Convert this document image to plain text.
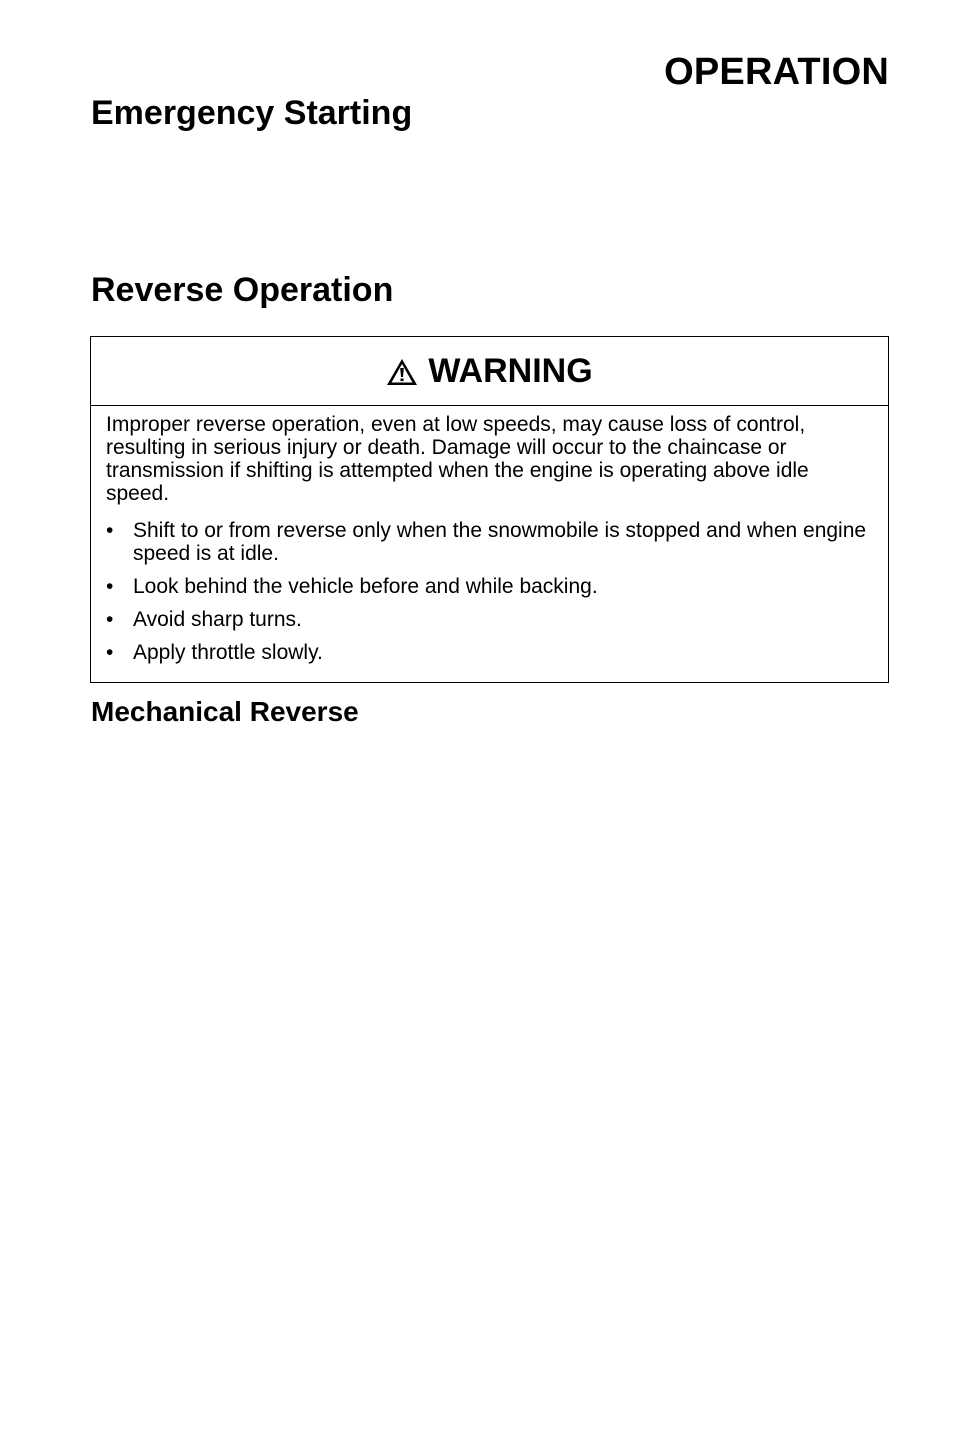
OPERATION
Emergency Starting
Reverse Operation
WARNING

Improper reverse operation, even at low speeds, may cause loss of control, resulting in serious injury or death. Damage will occur to the chaincase or transmission if shifting is attempted when the engine is operating above idle speed.

• Shift to or from reverse only when the snowmobile is stopped and when engine speed is at idle.
• Look behind the vehicle before and while backing.
• Avoid sharp turns.
• Apply throttle slowly.
Mechanical Reverse
